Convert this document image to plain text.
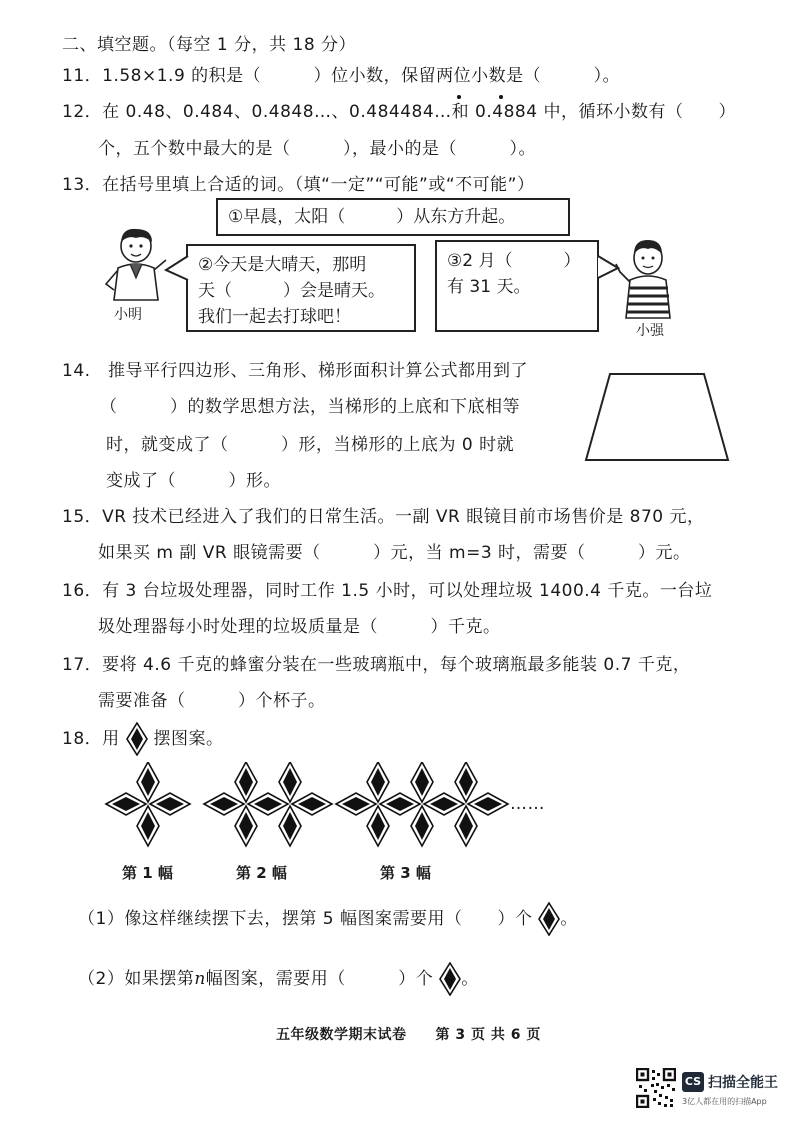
二、填空题。（每空 1 分，共 18 分）
11．1.58×1.9 的积是（　　　）位小数，保留两位小数是（　　　）。
12．在 0.48、0.484、0.4848…、0.484484…和 0.4884 中，循环小数有（　　）
个，五个数中最大的是（　　　），最小的是（　　　）。
13．在括号里填上合适的词。（填“一定”“可能”或“不可能”）
①早晨，太阳（　　　）从东方升起。
小明
②今天是大晴天，那明
天（　　　）会是晴天。
我们一起去打球吧！
③2 月（　　　）
有 31 天。
小强
14.　推导平行四边形、三角形、梯形面积计算公式都用到了
（　　　）的数学思想方法，当梯形的上底和下底相等
时，就变成了（　　　）形，当梯形的上底为 0 时就
变成了（　　　）形。
15．VR 技术已经进入了我们的日常生活。一副 VR 眼镜目前市场售价是 870 元，
如果买 m 副 VR 眼镜需要（　　　）元，当 m=3 时，需要（　　　）元。
16．有 3 台垃圾处理器，同时工作 1.5 小时，可以处理垃圾 1400.4 千克。一台垃
圾处理器每小时处理的垃圾质量是（　　　）千克。
17．要将 4.6 千克的蜂蜜分装在一些玻璃瓶中，每个玻璃瓶最多能装 0.7 千克，
需要准备（　　　）个杯子。
18．用 摆图案。
……
第 1 幅	第 2 幅	第 3 幅
（1）像这样继续摆下去，摆第 5 幅图案需要用（　　）个 。
（2）如果摆第n幅图案，需要用（　　　）个 。
五年级数学期末试卷　　第 3 页 共 6 页
CS 扫描全能王
3亿人都在用的扫描App
